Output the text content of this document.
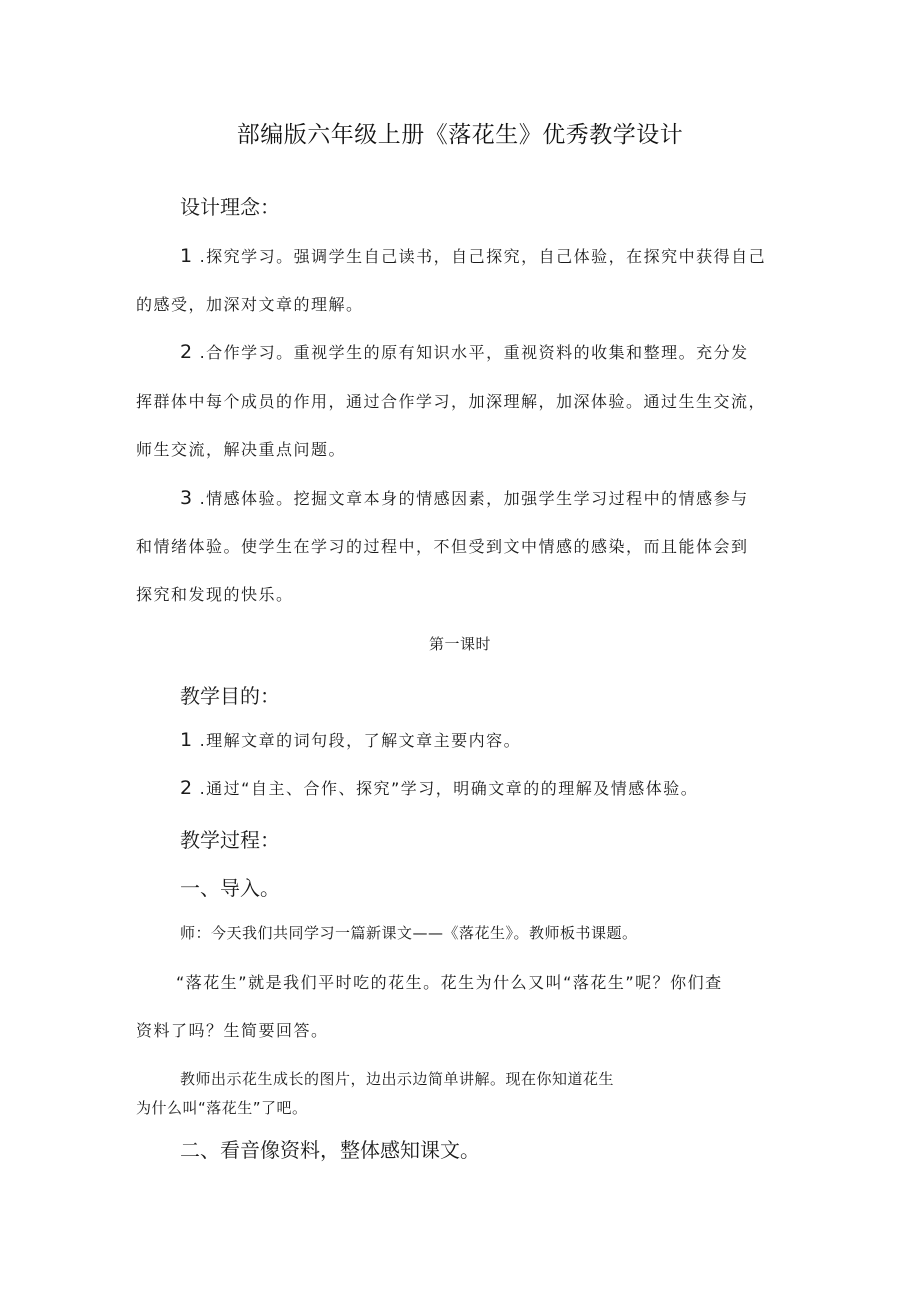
部编版六年级上册《落花生》优秀教学设计
设计理念：
1 .探究学习。强调学生自己读书，自己探究，自己体验，在探究中获得自己
的感受，加深对文章的理解。
2 .合作学习。重视学生的原有知识水平，重视资料的收集和整理。充分发
挥群体中每个成员的作用，通过合作学习，加深理解，加深体验。通过生生交流，
师生交流，解决重点问题。
3 .情感体验。挖掘文章本身的情感因素，加强学生学习过程中的情感参与
和情绪体验。使学生在学习的过程中，不但受到文中情感的感染，而且能体会到
探究和发现的快乐。
第一课时
教学目的：
1 .理解文章的词句段，了解文章主要内容。
2 .通过“自主、合作、探究”学习，明确文章的的理解及情感体验。
教学过程：
一、导入。
师：今天我们共同学习一篇新课文——《落花生》。教师板书课题。
“落花生”就是我们平时吃的花生。花生为什么又叫“落花生”呢？你们查
资料了吗？生简要回答。
教师出示花生成长的图片，边出示边简单讲解。现在你知道花生
为什么叫“落花生”了吧。
二、看音像资料，整体感知课文。
